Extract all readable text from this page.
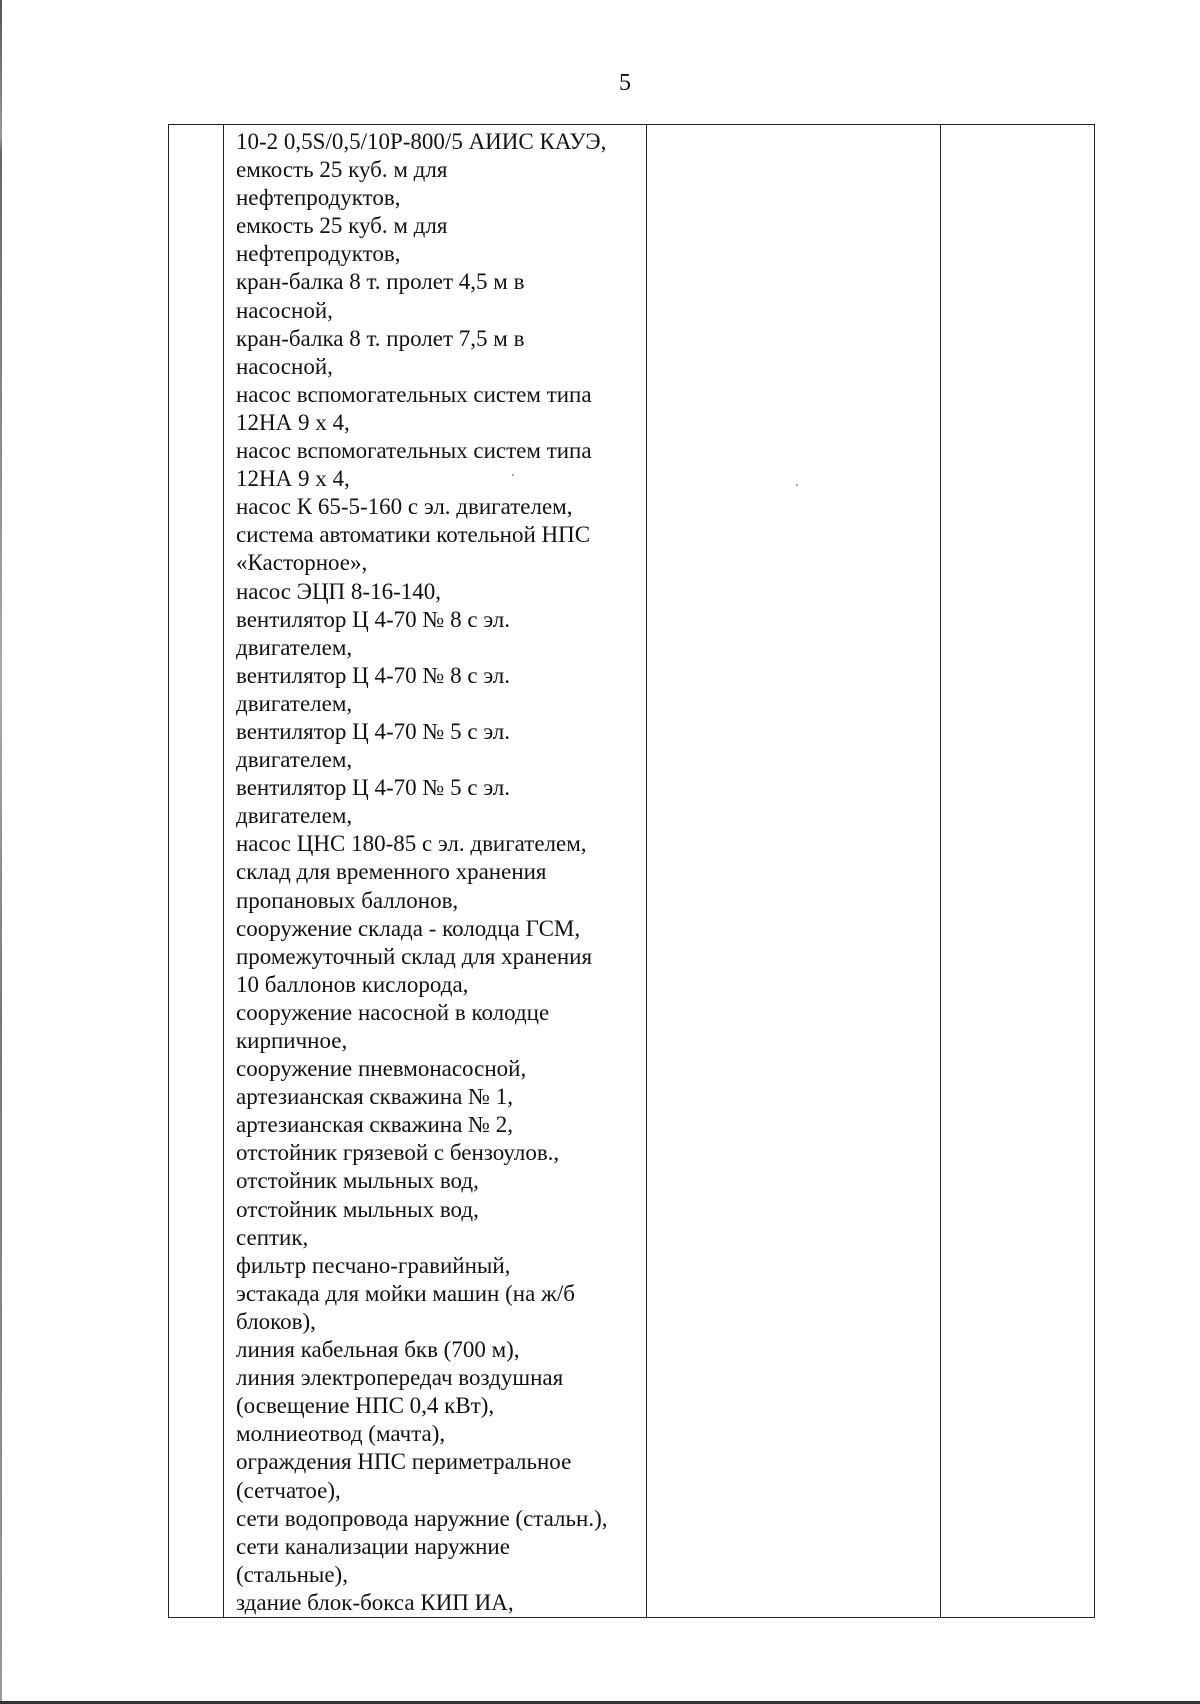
5

10-2 0,5S/0,5/10P-800/5 АИИС КАУЭ,
емкость 25 куб. м для
нефтепродуктов,
емкость 25 куб. м для
нефтепродуктов,
кран-балка 8 т. пролет 4,5 м в
насосной,
кран-балка 8 т. пролет 7,5 м в
насосной,
насос вспомогательных систем типа
12НА 9 х 4,
насос вспомогательных систем типа
12НА 9 х 4,
насос К 65-5-160 с эл. двигателем,
система автоматики котельной НПС
«Касторное»,
насос ЭЦП 8-16-140,
вентилятор Ц 4-70 № 8 с эл.
двигателем,
вентилятор Ц 4-70 № 8 с эл.
двигателем,
вентилятор Ц 4-70 № 5 с эл.
двигателем,
вентилятор Ц 4-70 № 5 с эл.
двигателем,
насос ЦНС 180-85 с эл. двигателем,
склад для временного хранения
пропановых баллонов,
сооружение склада - колодца ГСМ,
промежуточный склад для хранения
10 баллонов кислорода,
сооружение насосной в колодце
кирпичное,
сооружение пневмонасосной,
артезианская скважина № 1,
артезианская скважина № 2,
отстойник грязевой с бензоулов.,
отстойник мыльных вод,
отстойник мыльных вод,
септик,
фильтр песчано-гравийный,
эстакада для мойки машин (на ж/б
блоков),
линия кабельная бкв (700 м),
линия электропередач воздушная
(освещение НПС 0,4 кВт),
молниеотвод (мачта),
ограждения НПС периметральное
(сетчатое),
сети водопровода наружние (стальн.),
сети канализации наружние
(стальные),
здание блок-бокса КИП ИА,
